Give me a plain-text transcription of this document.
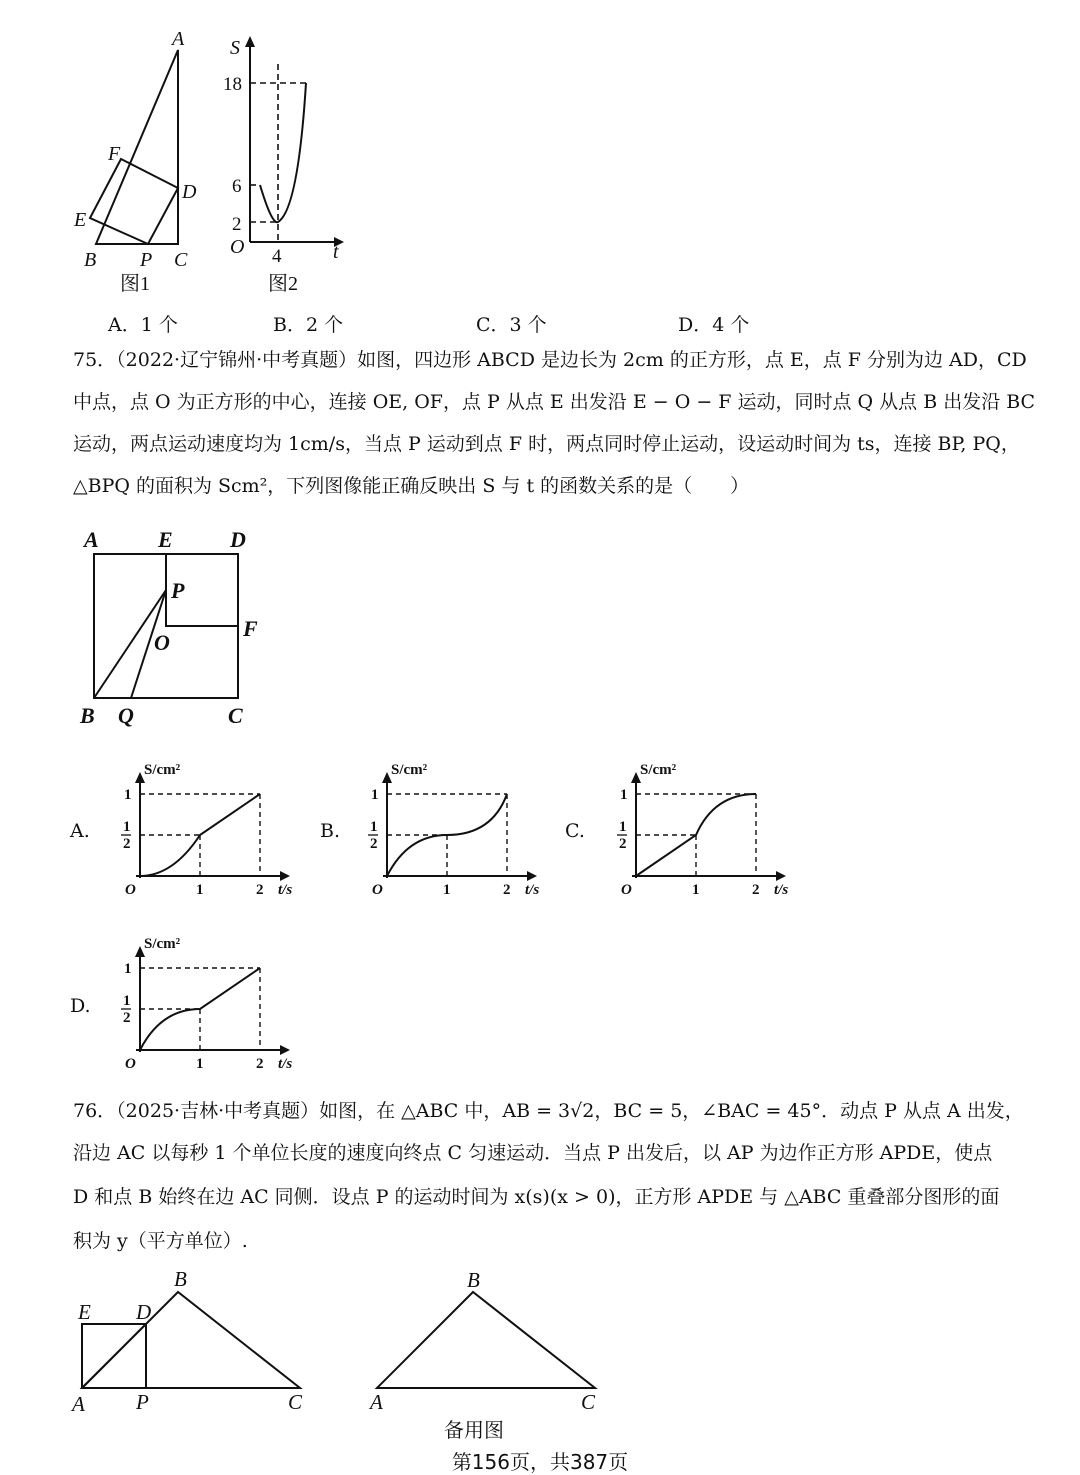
A
F
D
E
B P C
图1
S
18
6
2
O 4	t
图2
A．1 个	B．2 个	C．3 个	D．4 个
75．（2022·辽宁锦州·中考真题）如图，四边形 ABCD 是边长为 2cm 的正方形，点 E，点 F 分别为边 AD，CD
中点，点 O 为正方形的中心，连接 OE, OF，点 P 从点 E 出发沿 E − O − F 运动，同时点 Q 从点 B 出发沿 BC
运动，两点运动速度均为 1cm/s，当点 P 运动到点 F 时，两点同时停止运动，设运动时间为 ts，连接 BP, PQ，
△BPQ 的面积为 Scm²，下列图像能正确反映出 S 与 t 的函数关系的是（　　）
A	E	D
P
O
F
B Q	C
A.	B.	C.
D.
S/cm²
1
1
2
O	1	2 t/s
S/cm²
1
1
2
O	1	2 t/s
S/cm²
1
1
2
O	1	2 t/s
S/cm²
1
1
2
O	1	2 t/s
76．（2025·吉林·中考真题）如图，在 △ABC 中，AB = 3√2，BC = 5，∠BAC = 45°．动点 P 从点 A 出发，
沿边 AC 以每秒 1 个单位长度的速度向终点 C 匀速运动．当点 P 出发后，以 AP 为边作正方形 APDE，使点
D 和点 B 始终在边 AC 同侧．设点 P 的运动时间为 x(s)(x > 0)，正方形 APDE 与 △ABC 重叠部分图形的面
积为 y（平方单位）.
E D
B
A P	C
B
A	C
备用图
第156页，共387页
